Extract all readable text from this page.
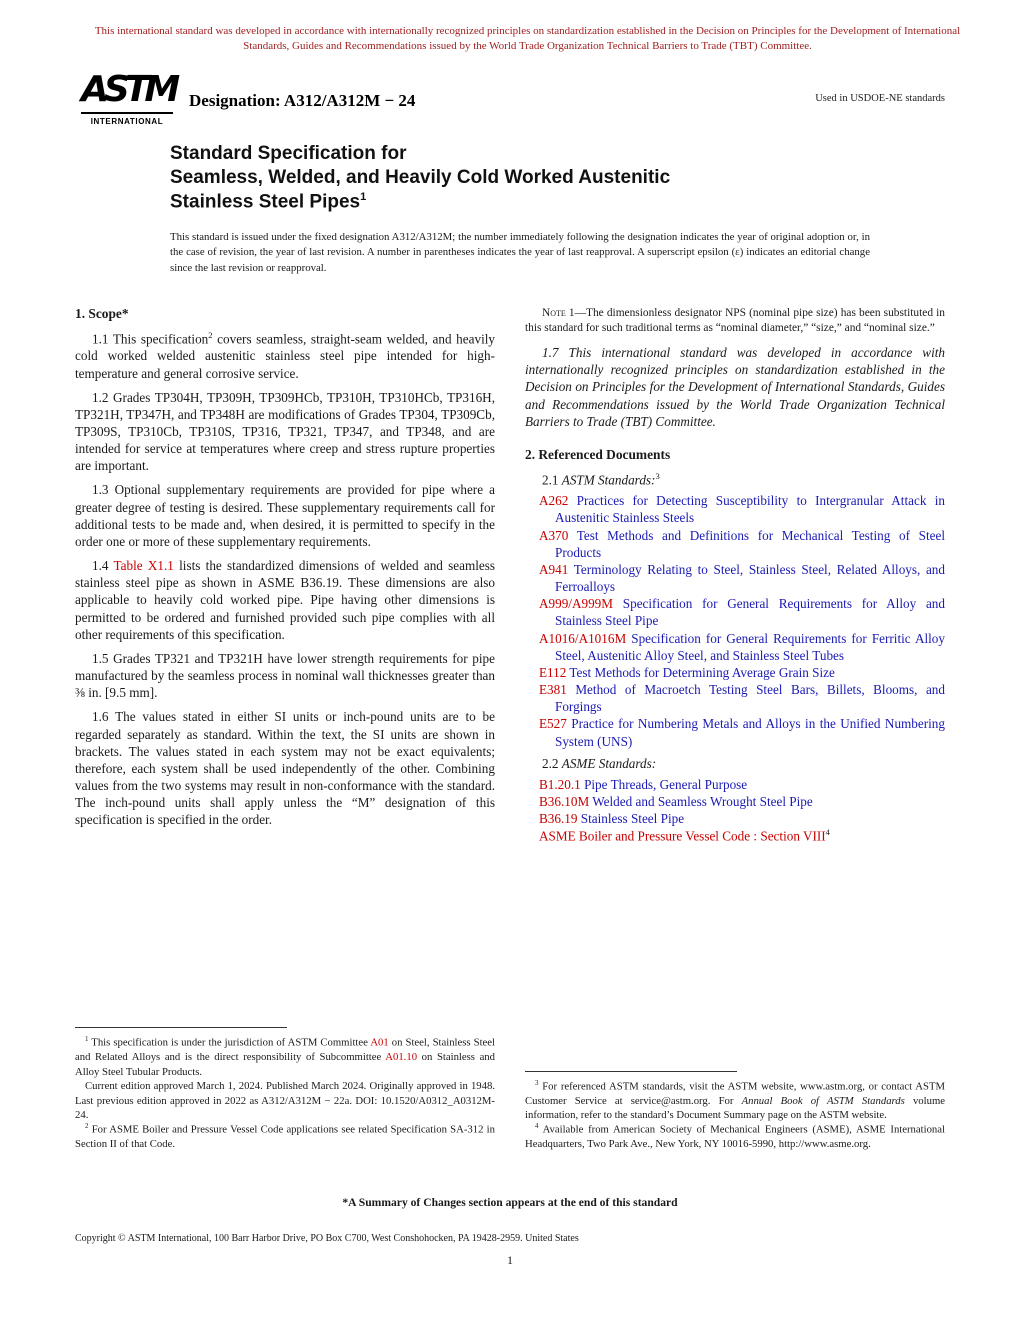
This international standard was developed in accordance with internationally recognized principles on standardization established in the Decision on Principles for the Development of International Standards, Guides and Recommendations issued by the World Trade Organization Technical Barriers to Trade (TBT) Committee.
ASTM
INTERNATIONAL
Designation: A312/A312M − 24	Used in USDOE-NE standards
Standard Specification for
Seamless, Welded, and Heavily Cold Worked Austenitic
Stainless Steel Pipes$^1$
This standard is issued under the fixed designation A312/A312M; the number immediately following the designation indicates the year of original adoption or, in the case of revision, the year of last revision. A number in parentheses indicates the year of last reapproval. A superscript epsilon (ε) indicates an editorial change since the last revision or reapproval.
1. Scope*

1.1 This specification$^2$ covers seamless, straight-seam welded, and heavily cold worked welded austenitic stainless steel pipe intended for high-temperature and general corrosive service.

1.2 Grades TP304H, TP309H, TP309HCb, TP310H, TP310HCb, TP316H, TP321H, TP347H, and TP348H are modifications of Grades TP304, TP309Cb, TP309S, TP310Cb, TP310S, TP316, TP321, TP347, and TP348, and are intended for service at temperatures where creep and stress rupture properties are important.

1.3 Optional supplementary requirements are provided for pipe where a greater degree of testing is desired. These supplementary requirements call for additional tests to be made and, when desired, it is permitted to specify in the order one or more of these supplementary requirements.

1.4 Table X1.1 lists the standardized dimensions of welded and seamless stainless steel pipe as shown in ASME B36.19. These dimensions are also applicable to heavily cold worked pipe. Pipe having other dimensions is permitted to be ordered and furnished provided such pipe complies with all other requirements of this specification.

1.5 Grades TP321 and TP321H have lower strength requirements for pipe manufactured by the seamless process in nominal wall thicknesses greater than ⅜ in. [9.5 mm].

1.6 The values stated in either SI units or inch-pound units are to be regarded separately as standard. Within the text, the SI units are shown in brackets. The values stated in each system may not be exact equivalents; therefore, each system shall be used independently of the other. Combining values from the two systems may result in non-conformance with the standard. The inch-pound units shall apply unless the “M” designation of this specification is specified in the order.

$^1$ This specification is under the jurisdiction of ASTM Committee A01 on Steel, Stainless Steel and Related Alloys and is the direct responsibility of Subcommittee A01.10 on Stainless and Alloy Steel Tubular Products.

Current edition approved March 1, 2024. Published March 2024. Originally approved in 1948. Last previous edition approved in 2022 as A312/A312M − 22a. DOI: 10.1520/A0312_A0312M-24.

$^2$ For ASME Boiler and Pressure Vessel Code applications see related Specification SA-312 in Section II of that Code.

Note 1—The dimensionless designator NPS (nominal pipe size) has been substituted in this standard for such traditional terms as “nominal diameter,” “size,” and “nominal size.”

1.7 This international standard was developed in accordance with internationally recognized principles on standardization established in the Decision on Principles for the Development of International Standards, Guides and Recommendations issued by the World Trade Organization Technical Barriers to Trade (TBT) Committee.

2. Referenced Documents

2.1 ASTM Standards:$^3$

A262 Practices for Detecting Susceptibility to Intergranular Attack in Austenitic Stainless Steels
A370 Test Methods and Definitions for Mechanical Testing of Steel Products
A941 Terminology Relating to Steel, Stainless Steel, Related Alloys, and Ferroalloys
A999/A999M Specification for General Requirements for Alloy and Stainless Steel Pipe
A1016/A1016M Specification for General Requirements for Ferritic Alloy Steel, Austenitic Alloy Steel, and Stainless Steel Tubes
E112 Test Methods for Determining Average Grain Size
E381 Method of Macroetch Testing Steel Bars, Billets, Blooms, and Forgings
E527 Practice for Numbering Metals and Alloys in the Unified Numbering System (UNS)

2.2 ASME Standards:

B1.20.1 Pipe Threads, General Purpose
B36.10M Welded and Seamless Wrought Steel Pipe
B36.19 Stainless Steel Pipe
ASME Boiler and Pressure Vessel Code : Section VIII$^4$

$^3$ For referenced ASTM standards, visit the ASTM website, www.astm.org, or contact ASTM Customer Service at service@astm.org. For Annual Book of ASTM Standards volume information, refer to the standard’s Document Summary page on the ASTM website.

$^4$ Available from American Society of Mechanical Engineers (ASME), ASME International Headquarters, Two Park Ave., New York, NY 10016-5990, http://www.asme.org.

*A Summary of Changes section appears at the end of this standard
Copyright © ASTM International, 100 Barr Harbor Drive, PO Box C700, West Conshohocken, PA 19428-2959. United States
1
